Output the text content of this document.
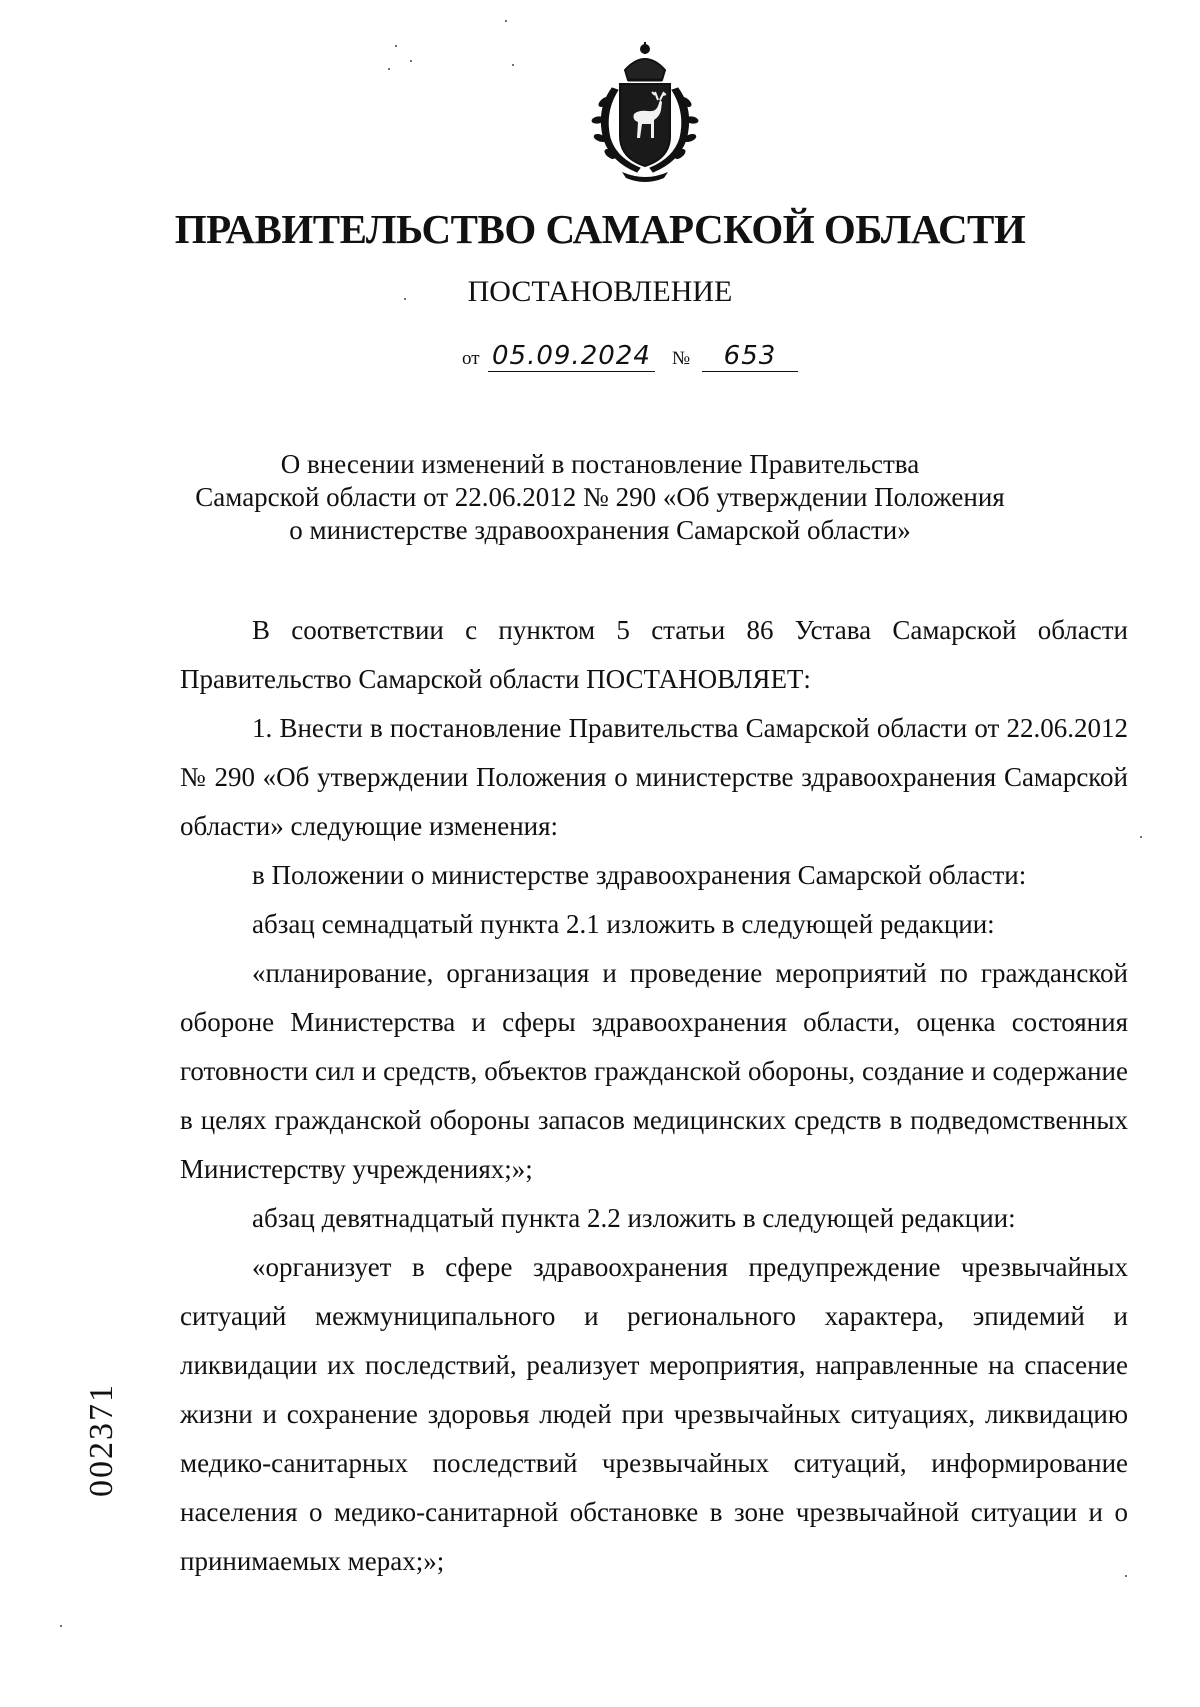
ПРАВИТЕЛЬСТВО САМАРСКОЙ ОБЛАСТИ
ПОСТАНОВЛЕНИЕ
от 05.09.2024 №	653
О внесении изменений в постановление Правительства
Самарской области от 22.06.2012 № 290 «Об утверждении Положения
о министерстве здравоохранения Самарской области»

В соответствии с пунктом 5 статьи 86 Устава Самарской области Правительство Самарской области ПОСТАНОВЛЯЕТ:

1. Внести в постановление Правительства Самарской области от 22.06.2012 № 290 «Об утверждении Положения о министерстве здравоохранения Самарской области» следующие изменения:

в Положении о министерстве здравоохранения Самарской области:

абзац семнадцатый пункта 2.1 изложить в следующей редакции:

«планирование, организация и проведение мероприятий по гражданской обороне Министерства и сферы здравоохранения области, оценка состояния готовности сил и средств, объектов гражданской обороны, создание и содержание в целях гражданской обороны запасов медицинских средств в подведомственных Министерству учреждениях;»;

абзац девятнадцатый пункта 2.2 изложить в следующей редакции:

«организует в сфере здравоохранения предупреждение чрезвычайных ситуаций межмуниципального и регионального характера, эпидемий и ликвидации их последствий, реализует мероприятия, направленные на спасение жизни и сохранение здоровья людей при чрезвычайных ситуациях, ликвидацию медико-санитарных последствий чрезвычайных ситуаций, информирование населения о медико-санитарной обстановке в зоне чрезвычайной ситуации и о принимаемых мерах;»;

002371
